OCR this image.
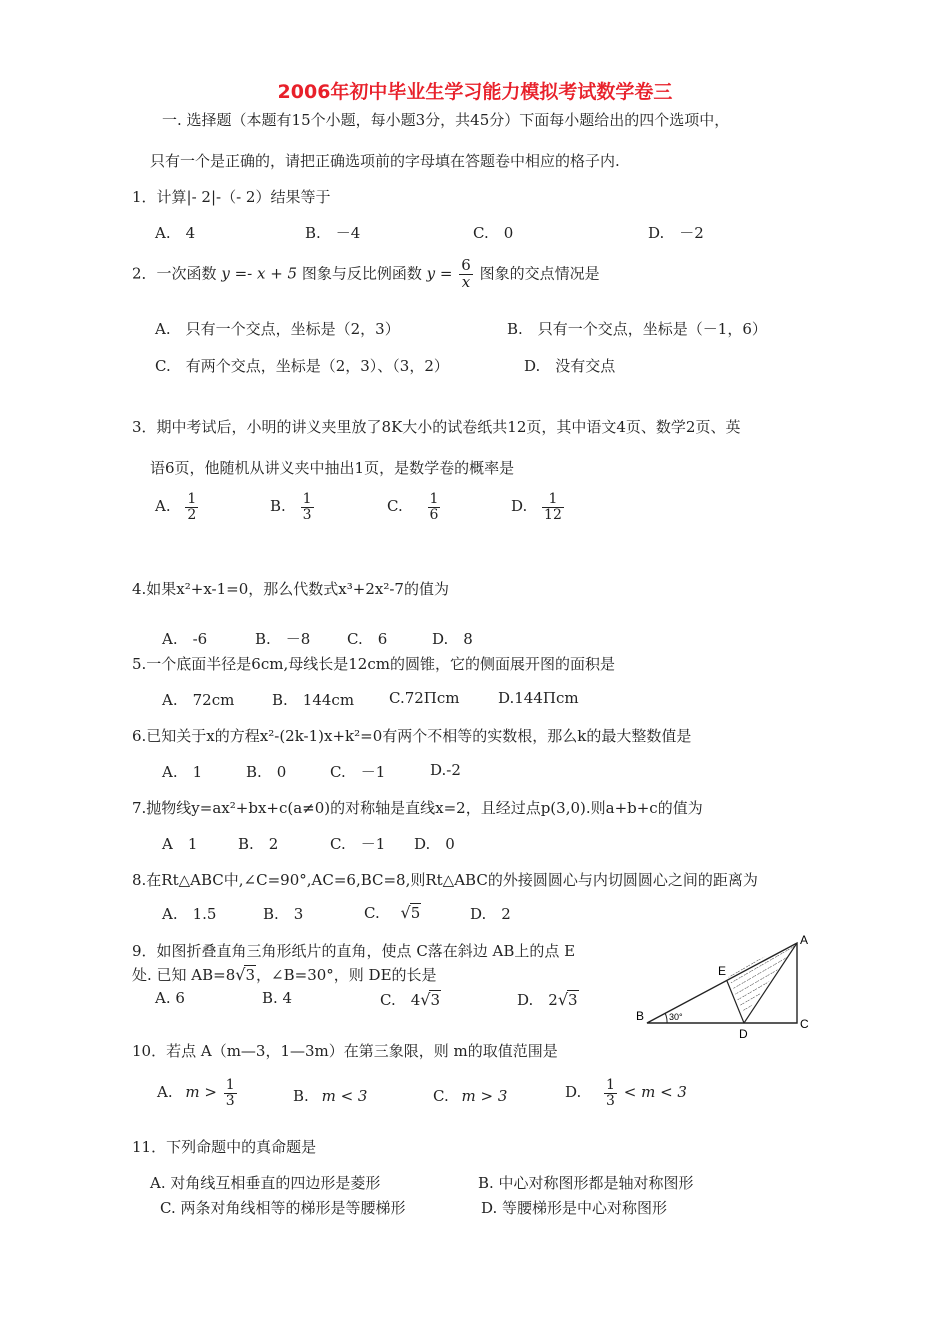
2006年初中毕业生学习能力模拟考试数学卷三
一. 选择题（本题有15个小题，每小题3分，共45分）下面每小题给出的四个选项中，
只有一个是正确的，请把正确选项前的字母填在答题卷中相应的格子内.
1．计算|- 2|-（- 2）结果等于
A.　4	B.　－4	C.　0	D.　－2
2．一次函数 y =- x + 5 图象与反比例函数 $y = \frac{6}{x}$ 图象的交点情况是
A.　只有一个交点，坐标是（2，3）	B.　只有一个交点，坐标是（－1，6）
C.　有两个交点，坐标是（2，3）、（3，2）	D.　没有交点
3．期中考试后，小明的讲义夹里放了8K大小的试卷纸共12页，其中语文4页、数学2页、英
语6页，他随机从讲义夹中抽出1页，是数学卷的概率是
A. $\frac{1}{2}$	B. $\frac{1}{3}$	C. $\frac{1}{6}$	D. $\frac{1}{12}$
4.如果x²+x-1=0，那么代数式x³+2x²-7的值为
A.　-6	B.　－8 C.　6	D.　8
5.一个底面半径是6cm,母线长是12cm的圆锥，它的侧面展开图的面积是
A.　72cm	B.　144cm C.72Πcm	D.144Πcm
6.已知关于x的方程x²-(2k-1)x+k²=0有两个不相等的实数根，那么k的最大整数值是
A.　1	B.　0	C.　－1	D.-2
7.抛物线y=ax²+bx+c(a≠0)的对称轴是直线x=2，且经过点p(3,0).则a+b+c的值为
A　1	B.　2	C.　－1 D.　0
8.在Rt△ABC中,∠C=90°,AC=6,BC=8,则Rt△ABC的外接圆圆心与内切圆圆心之间的距离为
A.　1.5	B.　3	C. √5	D.　2
9．如图折叠直角三角形纸片的直角，使点 C落在斜边 AB上的点 E
处. 已知 AB=8√3，∠B=30°，则 DE的长是
A. 6	B. 4	C.　4√3	D.　2√3
30°
A
B
C
D
E
10．若点 A（m—3，1—3m）在第三象限，则 m的取值范围是
A. $m > \frac{1}{3}$	B. m < 3	C. m > 3	D. $\frac{1}{3} < m < 3$
11．下列命题中的真命题是
A. 对角线互相垂直的四边形是菱形	B. 中心对称图形都是轴对称图形
C. 两条对角线相等的梯形是等腰梯形	D. 等腰梯形是中心对称图形
